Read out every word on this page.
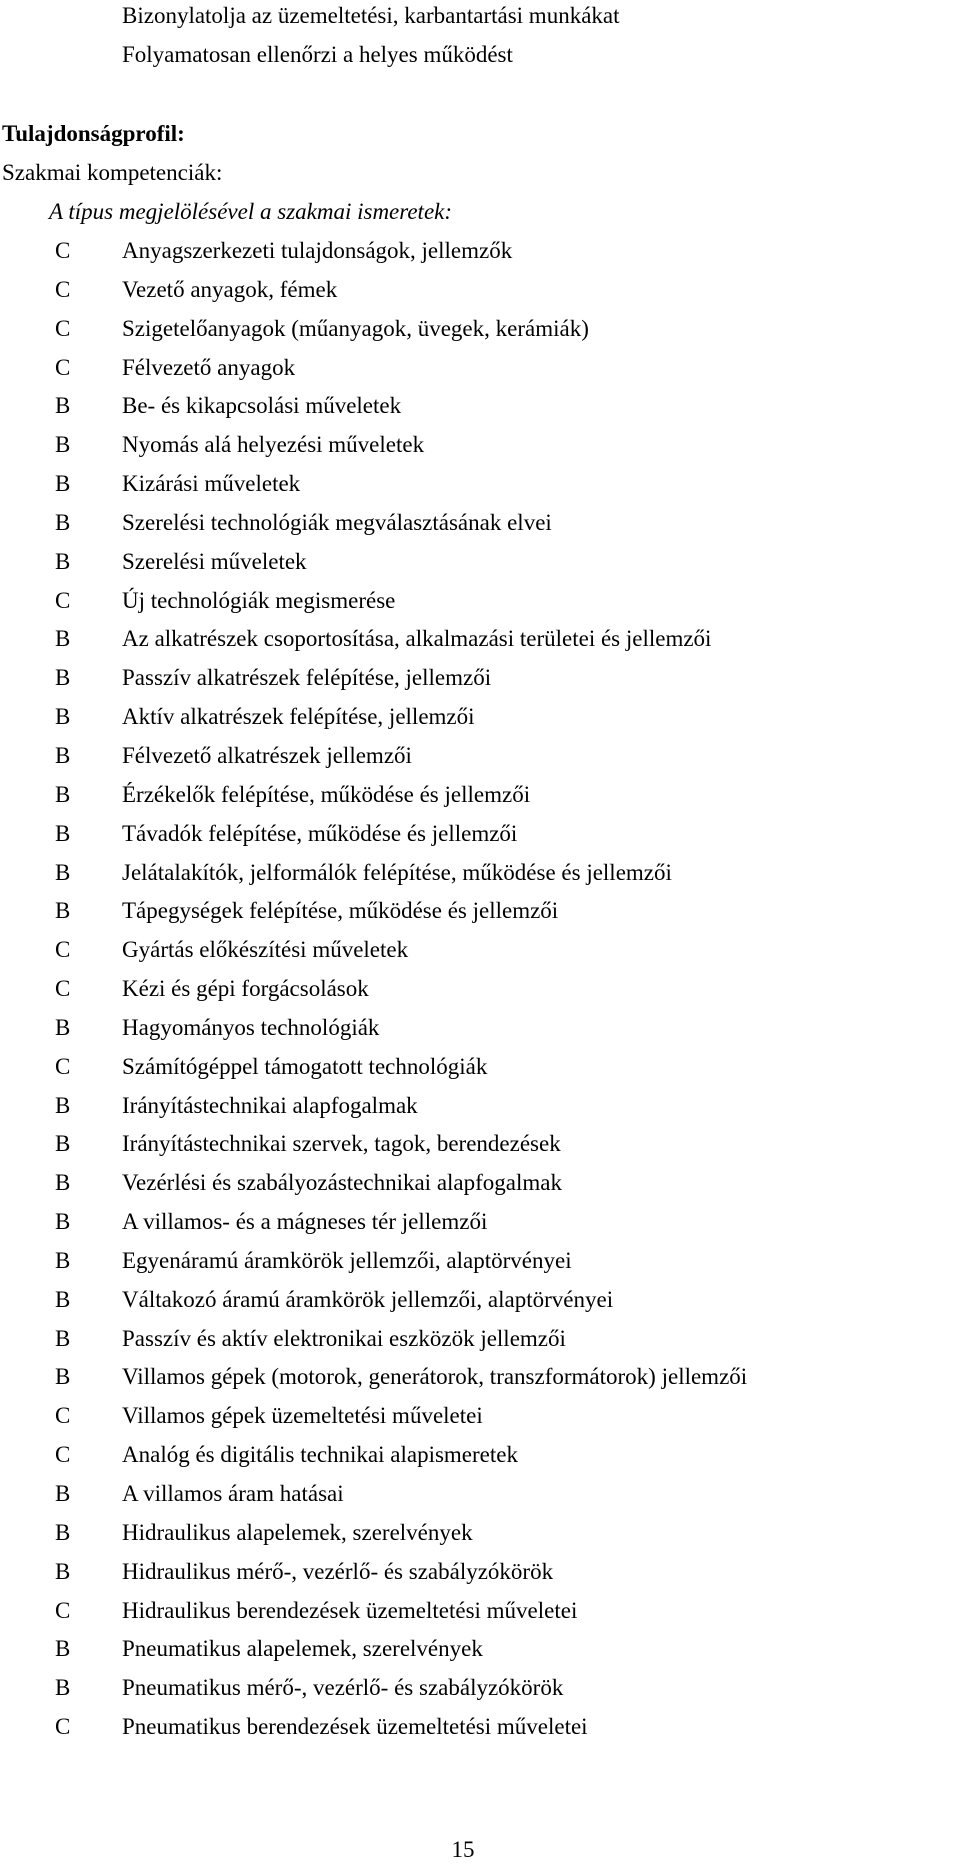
Bizonylatolja az üzemeltetési, karbantartási munkákat

Folyamatosan ellenőrzi a helyes működést

Tulajdonságprofil:

Szakmai kompetenciák:

A típus megjelölésével a szakmai ismeretek:

C Anyagszerkezeti tulajdonságok, jellemzők
C Vezető anyagok, fémek
C Szigetelőanyagok (műanyagok, üvegek, kerámiák)
C Félvezető anyagok
B Be- és kikapcsolási műveletek
B Nyomás alá helyezési műveletek
B Kizárási műveletek
B Szerelési technológiák megválasztásának elvei
B Szerelési műveletek
C Új technológiák megismerése
B Az alkatrészek csoportosítása, alkalmazási területei és jellemzői
B Passzív alkatrészek felépítése, jellemzői
B Aktív alkatrészek felépítése, jellemzői
B Félvezető alkatrészek jellemzői
B Érzékelők felépítése, működése és jellemzői
B Távadók felépítése, működése és jellemzői
B Jelátalakítók, jelformálók felépítése, működése és jellemzői
B Tápegységek felépítése, működése és jellemzői
C Gyártás előkészítési műveletek
C Kézi és gépi forgácsolások
B Hagyományos technológiák
C Számítógéppel támogatott technológiák
B Irányítástechnikai alapfogalmak
B Irányítástechnikai szervek, tagok, berendezések
B Vezérlési és szabályozástechnikai alapfogalmak
B A villamos- és a mágneses tér jellemzői
B Egyenáramú áramkörök jellemzői, alaptörvényei
B Váltakozó áramú áramkörök jellemzői, alaptörvényei
B Passzív és aktív elektronikai eszközök jellemzői
B Villamos gépek (motorok, generátorok, transzformátorok) jellemzői
C Villamos gépek üzemeltetési műveletei
C Analóg és digitális technikai alapismeretek
B A villamos áram hatásai
B Hidraulikus alapelemek, szerelvények
B Hidraulikus mérő-, vezérlő- és szabályzókörök
C Hidraulikus berendezések üzemeltetési műveletei
B Pneumatikus alapelemek, szerelvények
B Pneumatikus mérő-, vezérlő- és szabályzókörök
C Pneumatikus berendezések üzemeltetési műveletei
15
